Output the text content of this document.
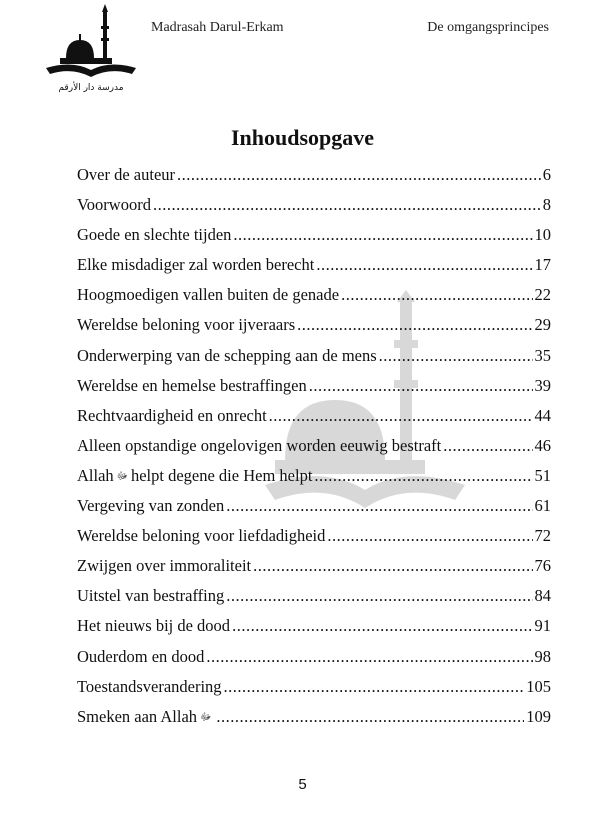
مدرسة دار الأرقم
Madrasah Darul-Erkam	De omgangsprincipes
Inhoudsopgave
Over de auteur .....	6
Voorwoord .....	8
Goede en slechte tijden .....	10
Elke misdadiger zal worden berecht .....	17
Hoogmoedigen vallen buiten de genade .....	22
Wereldse beloning voor ijveraars .....	29
Onderwerping van de schepping aan de mens .....	35
Wereldse en hemelse bestraffingen .....	39
Rechtvaardigheid en onrecht .....	44
Alleen opstandige ongelovigen worden eeuwig bestraft .....	46
Allah ﷻ helpt degene die Hem helpt .....	51
Vergeving van zonden .....	61
Wereldse beloning voor liefdadigheid .....	72
Zwijgen over immoraliteit .....	76
Uitstel van bestraffing .....	84
Het nieuws bij de dood .....	91
Ouderdom en dood .....	98
Toestandsverandering .....	105
Smeken aan Allah ﷻ .....	109
5
